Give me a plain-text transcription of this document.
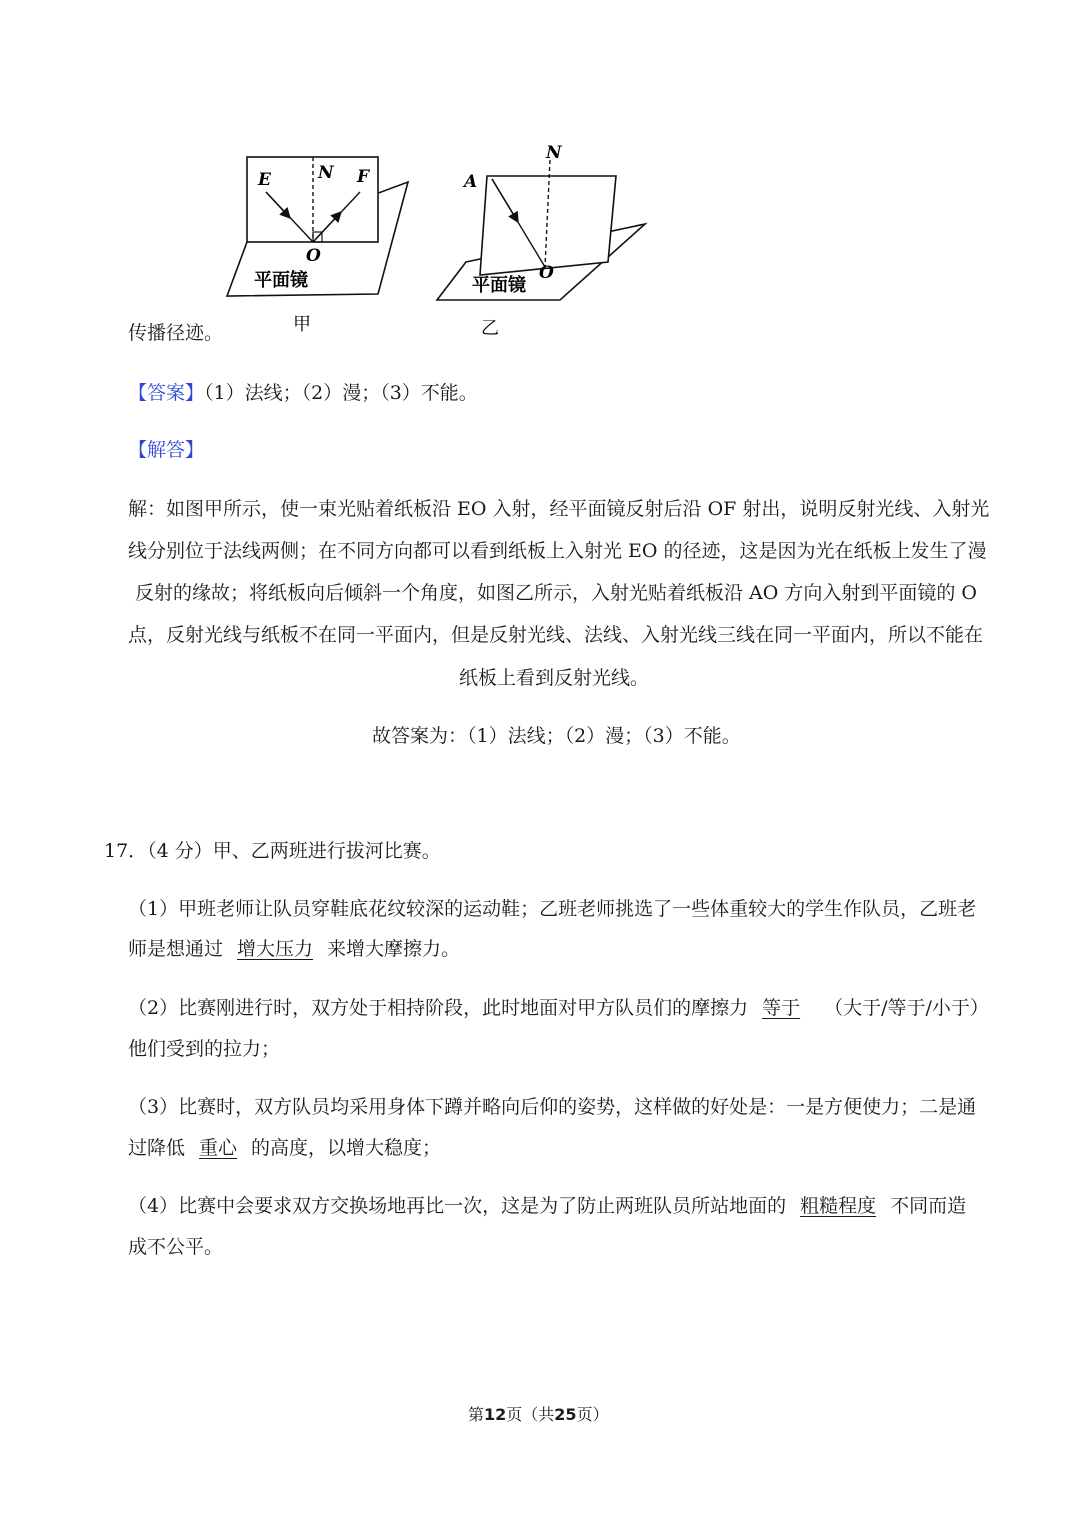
E	N F
O
平面镜
甲
A
N
O
平面镜
乙
传播径迹。
【答案】（1）法线；（2）漫；（3）不能。
【解答】
解：如图甲所示，使一束光贴着纸板沿 EO 入射，经平面镜反射后沿 OF 射出，说明反射光线、入射光
线分别位于法线两侧；在不同方向都可以看到纸板上入射光 EO 的径迹，这是因为光在纸板上发生了漫
反射的缘故；将纸板向后倾斜一个角度，如图乙所示，入射光贴着纸板沿 AO 方向入射到平面镜的 O
点，反射光线与纸板不在同一平面内，但是反射光线、法线、入射光线三线在同一平面内，所以不能在
纸板上看到反射光线。
故答案为：（1）法线；（2）漫；（3）不能。
17．（4 分）甲、乙两班进行拔河比赛。
（1）甲班老师让队员穿鞋底花纹较深的运动鞋；乙班老师挑选了一些体重较大的学生作队员，乙班老
师是想通过 增大压力 来增大摩擦力。
（2）比赛刚进行时，双方处于相持阶段，此时地面对甲方队员们的摩擦力 等于 （大于/等于/小于）
他们受到的拉力；
（3）比赛时，双方队员均采用身体下蹲并略向后仰的姿势，这样做的好处是：一是方便使力；二是通
过降低 重心 的高度，以增大稳度；
（4）比赛中会要求双方交换场地再比一次，这是为了防止两班队员所站地面的 粗糙程度 不同而造
成不公平。
第12页（共25页）
